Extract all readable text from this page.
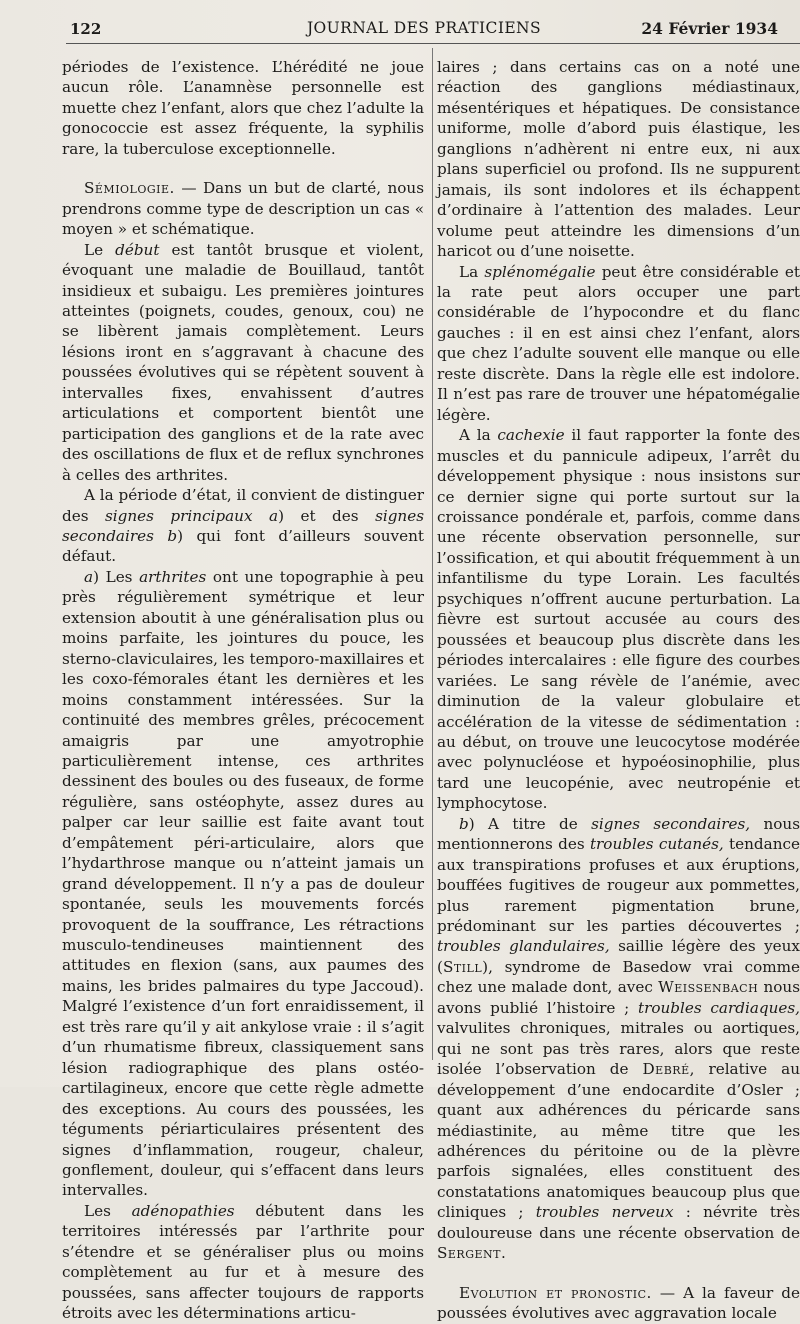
122	JOURNAL DES PRATICIENS	24 Février 1934

périodes de l’existence. L’hérédité ne joue aucun rôle. L’anamnèse personnelle est muette chez l’enfant, alors que chez l’adulte la gonococcie est assez fréquente, la syphilis rare, la tuberculose exceptionnelle.

Sémiologie. — Dans un but de clarté, nous prendrons comme type de description un cas « moyen » et schématique.

Le début est tantôt brusque et violent, évoquant une maladie de Bouillaud, tantôt insidieux et subaigu. Les premières jointures atteintes (poignets, coudes, genoux, cou) ne se libèrent jamais complètement. Leurs lésions iront en s’aggravant à chacune des poussées évolutives qui se répètent souvent à intervalles fixes, envahissent d’autres articulations et comportent bientôt une participation des ganglions et de la rate avec des oscillations de flux et de reflux synchrones à celles des arthrites.

A la période d’état, il convient de distinguer des signes principaux a) et des signes secondaires b) qui font d’ailleurs souvent défaut.

a) Les arthrites ont une topographie à peu près régulièrement symétrique et leur extension aboutit à une généralisation plus ou moins parfaite, les jointures du pouce, les sterno-claviculaires, les temporo-maxillaires et les coxo-fémorales étant les dernières et les moins constamment intéressées. Sur la continuité des membres grêles, précocement amaigris par une amyotrophie particulièrement intense, ces arthrites dessinent des boules ou des fuseaux, de forme régulière, sans ostéophyte, assez dures au palper car leur saillie est faite avant tout d’empâtement péri-articulaire, alors que l’hydarthrose manque ou n’atteint jamais un grand développement. Il n’y a pas de douleur spontanée, seuls les mouvements forcés provoquent de la souffrance, Les rétractions musculo-tendineuses maintiennent des attitudes en flexion (sans, aux paumes des mains, les brides palmaires du type Jaccoud). Malgré l’existence d’un fort enraidissement, il est très rare qu’il y ait ankylose vraie : il s’agit d’un rhumatisme fibreux, classiquement sans lésion radiographique des plans ostéo-cartilagineux, encore que cette règle admette des exceptions. Au cours des poussées, les téguments périarticulaires présentent des signes d’inflammation, rougeur, chaleur, gonflement, douleur, qui s’effacent dans leurs intervalles.

Les adénopathies débutent dans les territoires intéressés par l’arthrite pour s’étendre et se généraliser plus ou moins complètement au fur et à mesure des poussées, sans affecter toujours de rapports étroits avec les déterminations articu-

laires ; dans certains cas on a noté une réaction des ganglions médiastinaux, mésentériques et hépatiques. De consistance uniforme, molle d’abord puis élastique, les ganglions n’adhèrent ni entre eux, ni aux plans superficiel ou profond. Ils ne suppurent jamais, ils sont indolores et ils échappent d’ordinaire à l’attention des malades. Leur volume peut atteindre les dimensions d’un haricot ou d’une noisette.

La splénomégalie peut être considérable et la rate peut alors occuper une part considérable de l’hypocondre et du flanc gauches : il en est ainsi chez l’enfant, alors que chez l’adulte souvent elle manque ou elle reste discrète. Dans la règle elle est indolore. Il n’est pas rare de trouver une hépatomégalie légère.

A la cachexie il faut rapporter la fonte des muscles et du pannicule adipeux, l’arrêt du développement physique : nous insistons sur ce dernier signe qui porte surtout sur la croissance pondérale et, parfois, comme dans une récente observation personnelle, sur l’ossification, et qui aboutit fréquemment à un infantilisme du type Lorain. Les facultés psychiques n’offrent aucune perturbation. La fièvre est surtout accusée au cours des poussées et beaucoup plus discrète dans les périodes intercalaires : elle figure des courbes variées. Le sang révèle de l’anémie, avec diminution de la valeur globulaire et accélération de la vitesse de sédimentation : au début, on trouve une leucocytose modérée avec polynucléose et hypoéosinophilie, plus tard une leucopénie, avec neutropénie et lymphocytose.

b) A titre de signes secondaires, nous mentionnerons des troubles cutanés, tendance aux transpirations profuses et aux éruptions, bouffées fugitives de rougeur aux pommettes, plus rarement pigmentation brune, prédominant sur les parties découvertes ; troubles glandulaires, saillie légère des yeux (Still), syndrome de Basedow vrai comme chez une malade dont, avec Weissenbach nous avons publié l’histoire ; troubles cardiaques, valvulites chroniques, mitrales ou aortiques, qui ne sont pas très rares, alors que reste isolée l’observation de Debré, relative au développement d’une endocardite d’Osler ; quant aux adhérences du péricarde sans médiastinite, au même titre que les adhérences du péritoine ou de la plèvre parfois signalées, elles constituent des constatations anatomiques beaucoup plus que cliniques ; troubles nerveux : névrite très douloureuse dans une récente observation de Sergent.

Evolution et pronostic. — A la faveur de poussées évolutives avec aggravation locale
